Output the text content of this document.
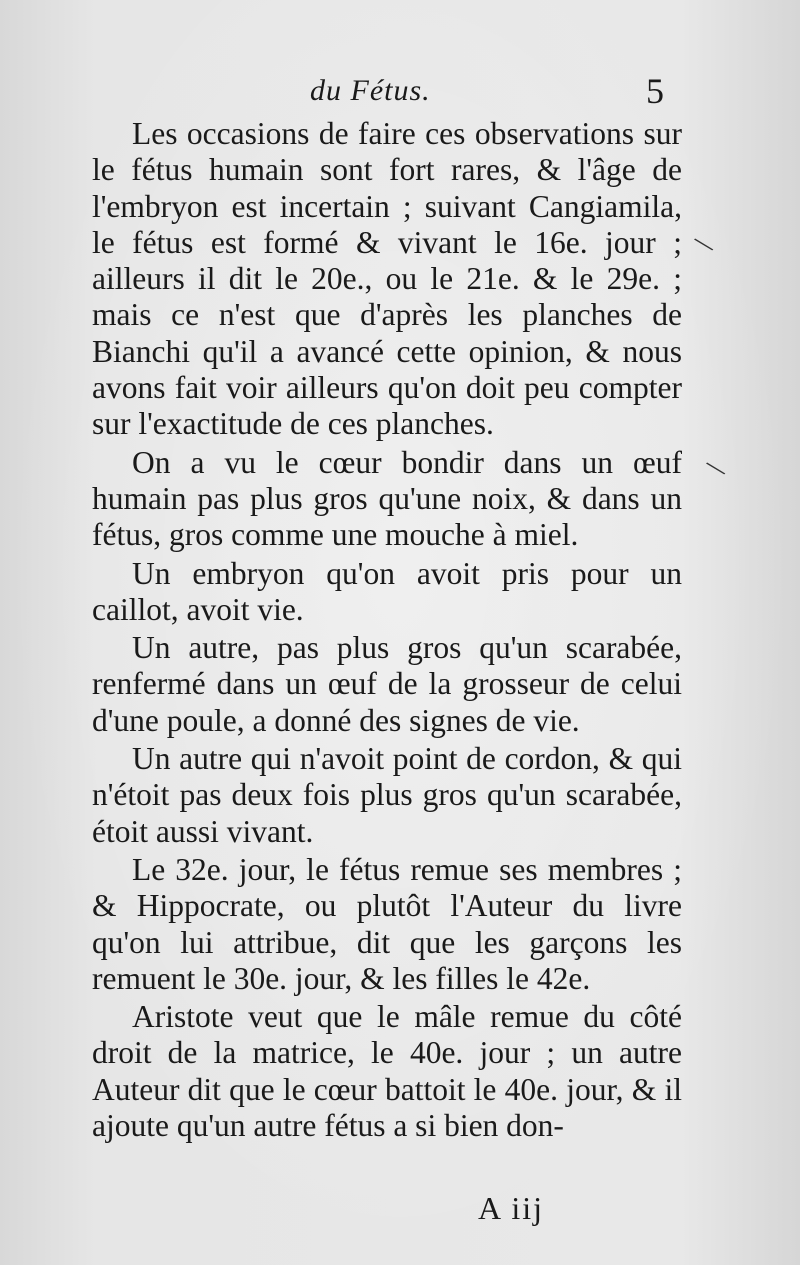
du Fétus.	5

Les occasions de faire ces observations sur le fétus humain sont fort rares, & l'âge de l'embryon est incertain ; suivant Cangiamila, le fétus est formé & vivant le 16e. jour ; ailleurs il dit le 20e., ou le 21e. & le 29e. ; mais ce n'est que d'après les planches de Bianchi qu'il a avancé cette opinion, & nous avons fait voir ailleurs qu'on doit peu compter sur l'exactitude de ces planches.

On a vu le cœur bondir dans un œuf humain pas plus gros qu'une noix, & dans un fétus, gros comme une mouche à miel.

Un embryon qu'on avoit pris pour un caillot, avoit vie.

Un autre, pas plus gros qu'un scarabée, renfermé dans un œuf de la grosseur de celui d'une poule, a donné des signes de vie.

Un autre qui n'avoit point de cordon, & qui n'étoit pas deux fois plus gros qu'un scarabée, étoit aussi vivant.

Le 32e. jour, le fétus remue ses membres ; & Hippocrate, ou plutôt l'Auteur du livre qu'on lui attribue, dit que les garçons les remuent le 30e. jour, & les filles le 42e.

Aristote veut que le mâle remue du côté droit de la matrice, le 40e. jour ; un autre Auteur dit que le cœur battoit le 40e. jour, & il ajoute qu'un autre fétus a si bien don-

A iij
\
\
